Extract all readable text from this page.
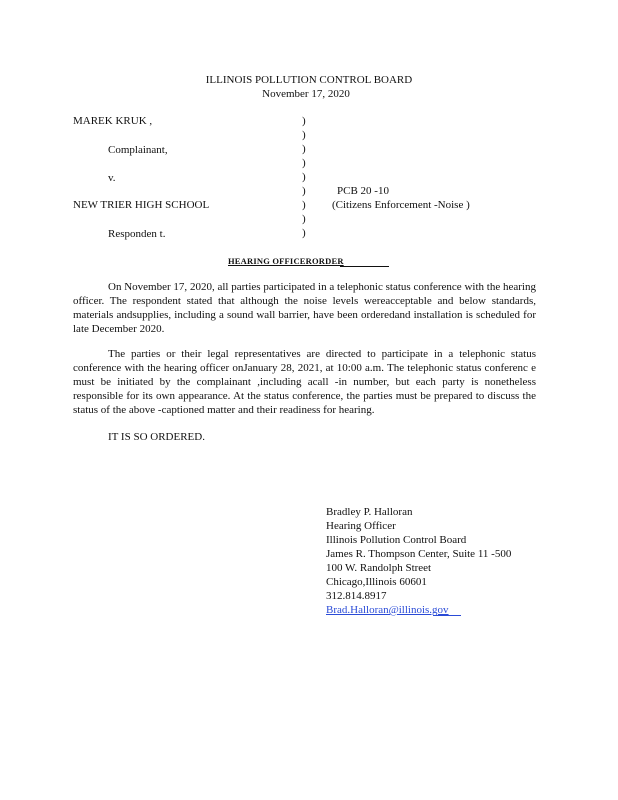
ILLINOIS POLLUTION CONTROL BOARD
November 17, 2020
MAREK KRUK ,
Complainant,
v.
NEW TRIER HIGH SCHOOL
Responden t.
)
)
)
)
)
)
)
)
)
PCB 20 -10
(Citizens Enforcement -Noise )
HEARING OFFICERORDER
On November 17, 2020, all parties participated in a telephonic status conference with the hearing officer. The respondent stated that although the noise levels wereacceptable and below standards, materials andsupplies, including a sound wall barrier, have been orderedand installation is scheduled for late December 2020.
The parties or their legal representatives are directed to participate in a telephonic status conference with the hearing officer onJanuary 28, 2021, at 10:00 a.m. The telephonic status conferenc e must be initiated by the complainant ,including acall -in number, but each party is nonetheless responsible for its own appearance. At the status conference, the parties must be prepared to discuss the status of the above -captioned matter and their readiness for hearing.
IT IS SO ORDERED.
Bradley P. Halloran
Hearing Officer
Illinois Pollution Control Board
James R. Thompson Center, Suite 11 -500
100 W. Randolph Street
Chicago,Illinois 60601
312.814.8917
Brad.Halloran@illinois.gov
